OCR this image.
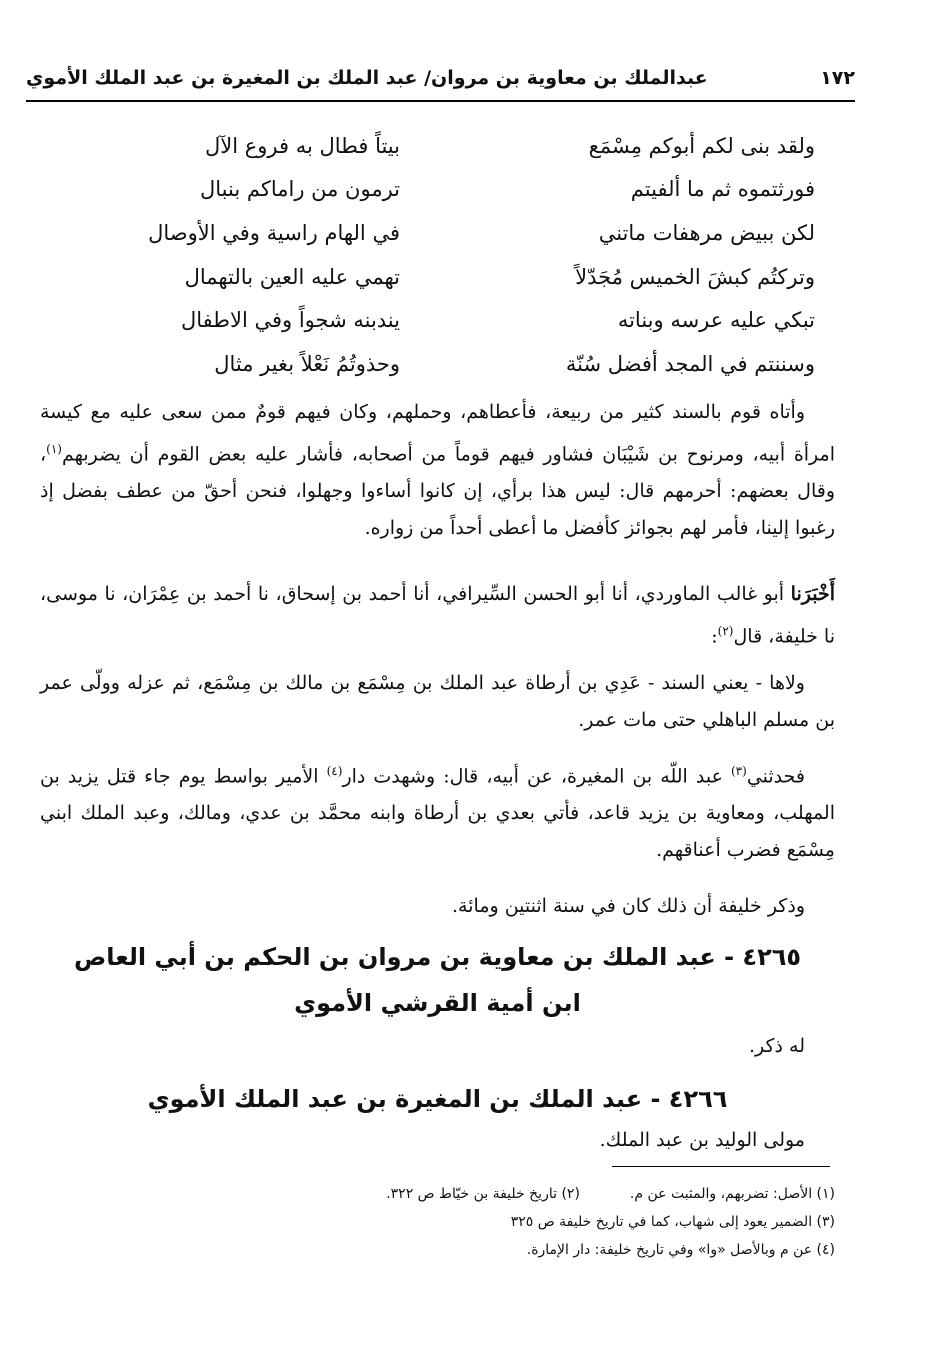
١٧٢
عبدالملك بن معاوية بن مروان/ عبد الملك بن المغيرة بن عبد الملك الأموي
ولقد بنى لكم أبوكم مِسْمَع
بيتاً فطال به فروع الآل
فورثتموه ثم ما ألفيتم
ترمون من راماكم بنبال
لكن ببيض مرهفات ماتني
في الهام راسية وفي الأوصال
وتركتُم كبشَ الخميس مُجَدّلاً
تهمي عليه العين بالتهمال
تبكي عليه عرسه وبناته
يندبنه شجواً وفي الاطفال
وسننتم في المجد أفضل سُنّة
وحذوتُمُ نَعْلاً بغير مثال

وأتاه قوم بالسند كثير من ربيعة، فأعطاهم، وحملهم، وكان فيهم قومٌ ممن سعى عليه مع كيسة امرأة أبيه، ومرنوح بن شَيْبَان فشاور فيهم قوماً من أصحابه، فأشار عليه بعض القوم أن يضربهم$^{(١)}$، وقال بعضهم: أحرمهم قال: ليس هذا برأي، إن كانوا أساءوا وجهلوا، فنحن أحقّ من عطف بفضل إذ رغبوا إلينا، فأمر لهم بجوائز كأفضل ما أعطى أحداً من زواره.

أَخْبَرَنا أبو غالب الماوردي، أنا أبو الحسن السِّيرافي، أنا أحمد بن إسحاق، نا أحمد بن عِمْرَان، نا موسى، نا خليفة، قال$^{(٢)}$:

ولاها - يعني السند - عَدِي بن أرطاة عبد الملك بن مِسْمَع بن مالك بن مِسْمَع، ثم عزله وولّى عمر بن مسلم الباهلي حتى مات عمر.

فحدثني$^{(٣)}$ عبد اللّه بن المغيرة، عن أبيه، قال: وشهدت دار$^{(٤)}$ الأمير بواسط يوم جاء قتل يزيد بن المهلب، ومعاوية بن يزيد قاعد، فأتي بعدي بن أرطاة وابنه محمَّد بن عدي، ومالك، وعبد الملك ابني مِسْمَع فضرب أعناقهم.

وذكر خليفة أن ذلك كان في سنة اثنتين ومائة.

٤٢٦٥ - عبد الملك بن معاوية بن مروان بن الحكم بن أبي العاص
ابن أمية القرشي الأموي

له ذكر.

٤٢٦٦ - عبد الملك بن المغيرة بن عبد الملك الأموي

مولى الوليد بن عبد الملك.

(١) الأصل: تضربهم، والمثبت عن م.
(٢) تاريخ خليفة بن خيّاط ص ٣٢٢.
(٣) الضمير يعود إلى شهاب، كما في تاريخ خليفة ص ٣٢٥
(٤) عن م وبالأصل «وا» وفي تاريخ خليفة: دار الإمارة.
